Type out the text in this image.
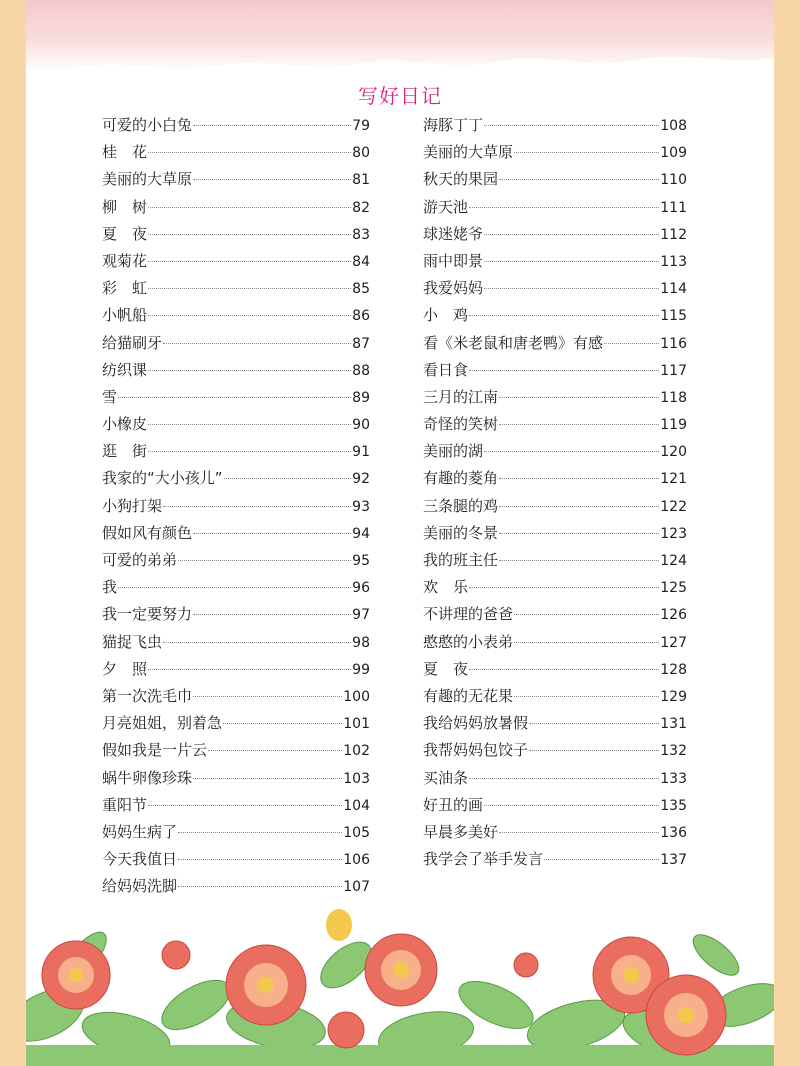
写好日记
可爱的小白兔	79
桂　花	80
美丽的大草原	81
柳　树	82
夏　夜	83
观菊花	84
彩　虹	85
小帆船	86
给猫刷牙	87
纺织课	88
雪	89
小橡皮	90
逛　街	91
我家的“大小孩儿”	92
小狗打架	93
假如风有颜色	94
可爱的弟弟	95
我	96
我一定要努力	97
猫捉飞虫	98
夕　照	99
第一次洗毛巾	100
月亮姐姐，别着急	101
假如我是一片云	102
蜗牛卵像珍珠	103
重阳节	104
妈妈生病了	105
今天我值日	106
给妈妈洗脚	107
海豚丁丁	108
美丽的大草原	109
秋天的果园	110
游天池	111
球迷姥爷	112
雨中即景	113
我爱妈妈	114
小　鸡	115
看《米老鼠和唐老鸭》有感	116
看日食	117
三月的江南	118
奇怪的笑树	119
美丽的湖	120
有趣的菱角	121
三条腿的鸡	122
美丽的冬景	123
我的班主任	124
欢　乐	125
不讲理的爸爸	126
憨憨的小表弟	127
夏　夜	128
有趣的无花果	129
我给妈妈放暑假	131
我帮妈妈包饺子	132
买油条	133
好丑的画	135
早晨多美好	136
我学会了举手发言	137
